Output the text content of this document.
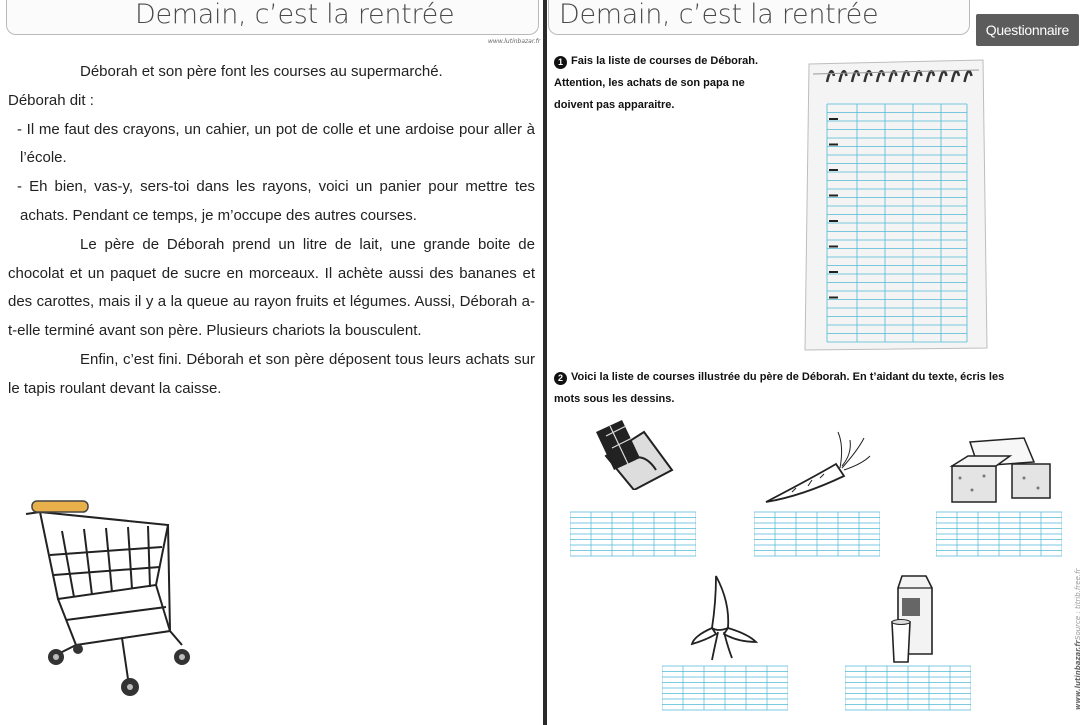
Demain, c’est la rentrée
www.lutinbazar.fr

Déborah et son père font les courses au supermarché.

Déborah dit :

- Il me faut des crayons, un cahier, un pot de colle et une ardoise pour aller à l’école.

- Eh bien, vas-y, sers-toi dans les rayons, voici un panier pour mettre tes achats. Pendant ce temps, je m’occupe des autres courses.

Le père de Déborah prend un litre de lait, une grande boite de chocolat et un paquet de sucre en morceaux. Il achète aussi des bananes et des carottes, mais il y a la queue au rayon fruits et légumes. Aussi, Déborah a-t-elle terminé avant son père. Plusieurs chariots la bousculent.

Enfin, c’est fini. Déborah et son père déposent tous leurs achats sur le tapis roulant devant la caisse.

Demain, c’est la rentrée	Questionnaire
1 Fais la liste de courses de Déborah.
Attention, les achats de son papa ne
doivent pas apparaitre.
2 Voici la liste de courses illustrée du père de Déborah. En t’aidant du texte, écris les
mots sous les dessins.
Source : titrib.free.fr
www.lutinbazar.fr
